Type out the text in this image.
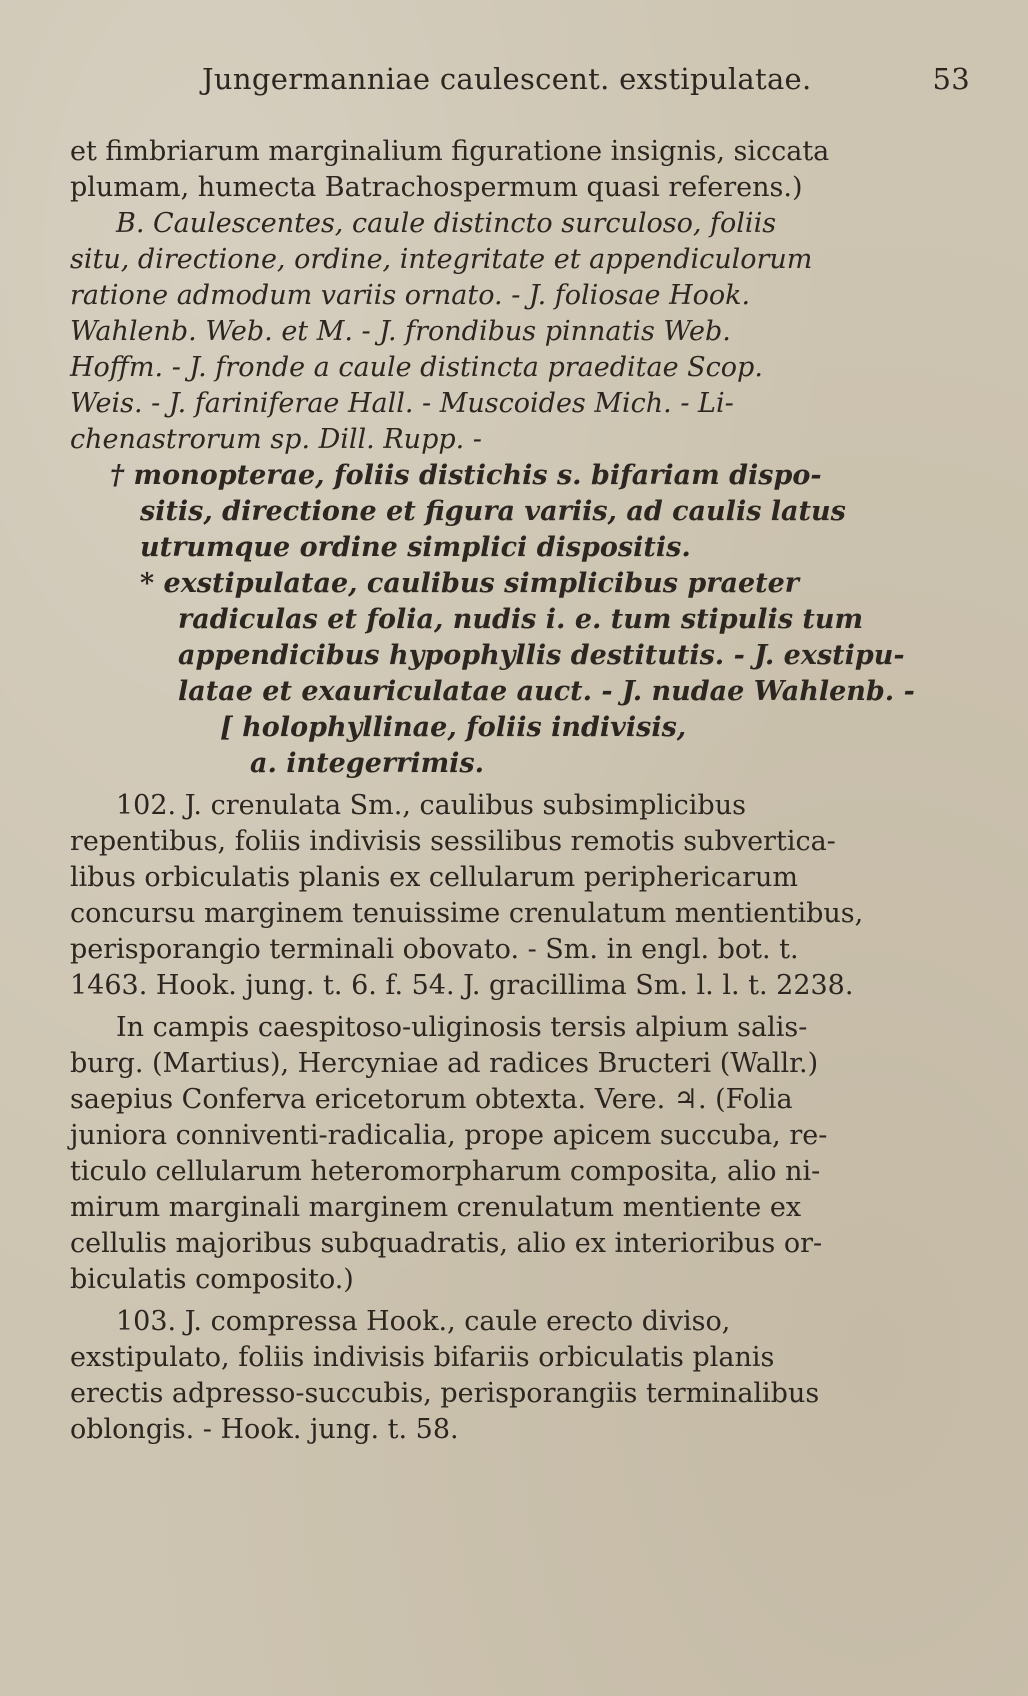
Jungermanniae caulescent. exstipulatae.	53
et fimbriarum marginalium figuratione insignis, siccata
plumam, humecta Batrachospermum quasi referens.)
B. Caulescentes, caule distincto surculoso, foliis
situ, directione, ordine, integritate et appendiculorum
ratione admodum variis ornato. - J. foliosae Hook.
Wahlenb. Web. et M. - J. frondibus pinnatis Web.
Hoffm. - J. fronde a caule distincta praeditae Scop.
Weis. - J. fariniferae Hall. - Muscoides Mich. - Li-
chenastrorum sp. Dill. Rupp. -
† monopterae, foliis distichis s. bifariam dispo-
sitis, directione et figura variis, ad caulis latus
utrumque ordine simplici dispositis.
* exstipulatae, caulibus simplicibus praeter
radiculas et folia, nudis i. e. tum stipulis tum
appendicibus hypophyllis destitutis. - J. exstipu-
latae et exauriculatae auct. - J. nudae Wahlenb. -
[ holophyllinae, foliis indivisis,
a. integerrimis.
102. J. crenulata Sm., caulibus subsimplicibus
repentibus, foliis indivisis sessilibus remotis subvertica-
libus orbiculatis planis ex cellularum periphericarum
concursu marginem tenuissime crenulatum mentientibus,
perisporangio terminali obovato. - Sm. in engl. bot. t.
1463. Hook. jung. t. 6. f. 54. J. gracillima Sm. l. l. t. 2238.
In campis caespitoso-uliginosis tersis alpium salis-
burg. (Martius), Hercyniae ad radices Bructeri (Wallr.)
saepius Conferva ericetorum obtexta. Vere. ♃. (Folia
juniora conniventi-radicalia, prope apicem succuba, re-
ticulo cellularum heteromorpharum composita, alio ni-
mirum marginali marginem crenulatum mentiente ex
cellulis majoribus subquadratis, alio ex interioribus or-
biculatis composito.)
103. J. compressa Hook., caule erecto diviso,
exstipulato, foliis indivisis bifariis orbiculatis planis
erectis adpresso-succubis, perisporangiis terminalibus
oblongis. - Hook. jung. t. 58.
